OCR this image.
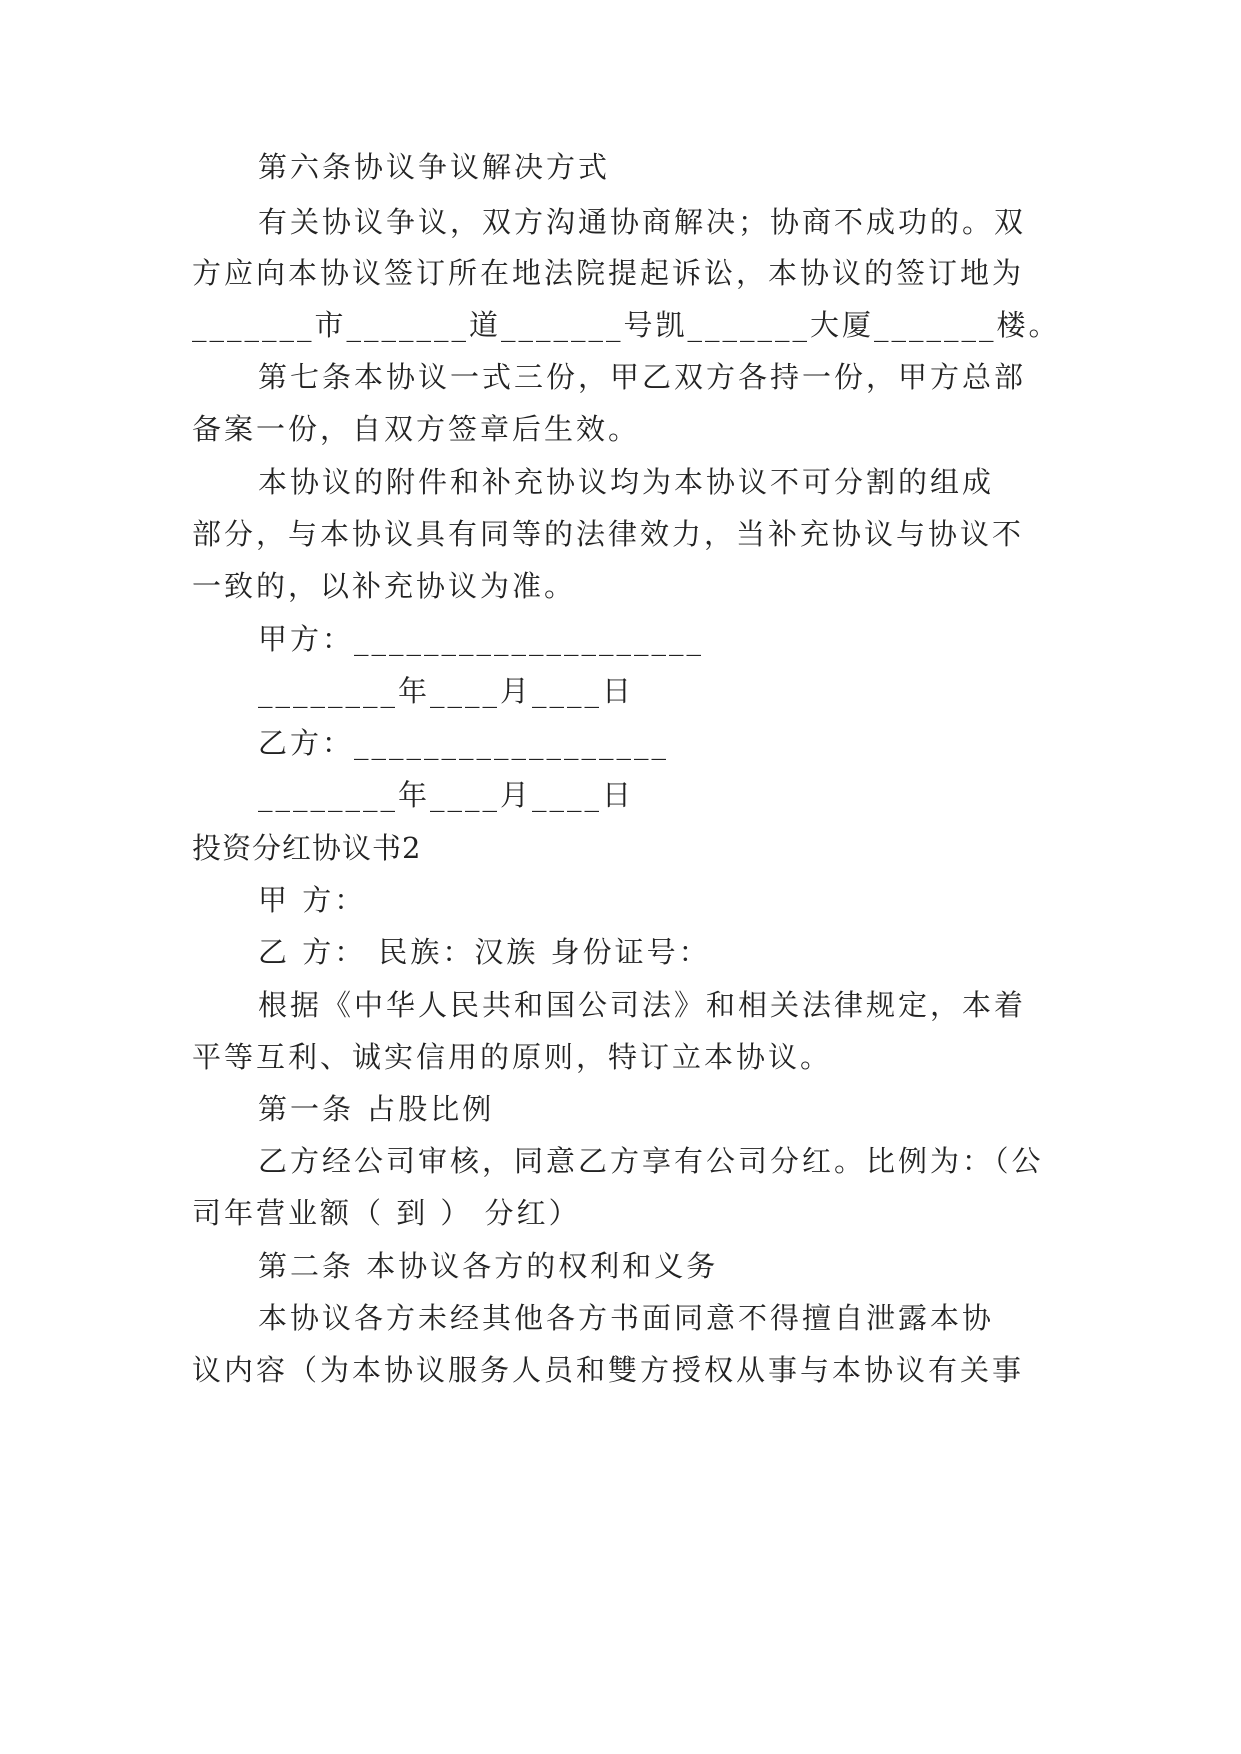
第六条协议争议解决方式
有关协议争议，双方沟通协商解决；协商不成功的。双
方应向本协议签订所在地法院提起诉讼，本协议的签订地为
_______市_______道_______号凯_______大厦_______楼。
第七条本协议一式三份，甲乙双方各持一份，甲方总部
备案一份，自双方签章后生效。
本协议的附件和补充协议均为本协议不可分割的组成
部分，与本协议具有同等的法律效力，当补充协议与协议不
一致的，以补充协议为准。
甲方：____________________
________年____月____日
乙方：__________________
________年____月____日
投资分红协议书2
甲 方：
乙 方： 民族：汉族 身份证号：
根据《中华人民共和国公司法》和相关法律规定，本着
平等互利、诚实信用的原则，特订立本协议。
第一条 占股比例
乙方经公司审核，同意乙方享有公司分红。比例为：（公
司年营业额（ 到 ） 分红）
第二条 本协议各方的权利和义务
本协议各方未经其他各方书面同意不得擅自泄露本协
议内容（为本协议服务人员和雙方授权从事与本协议有关事
